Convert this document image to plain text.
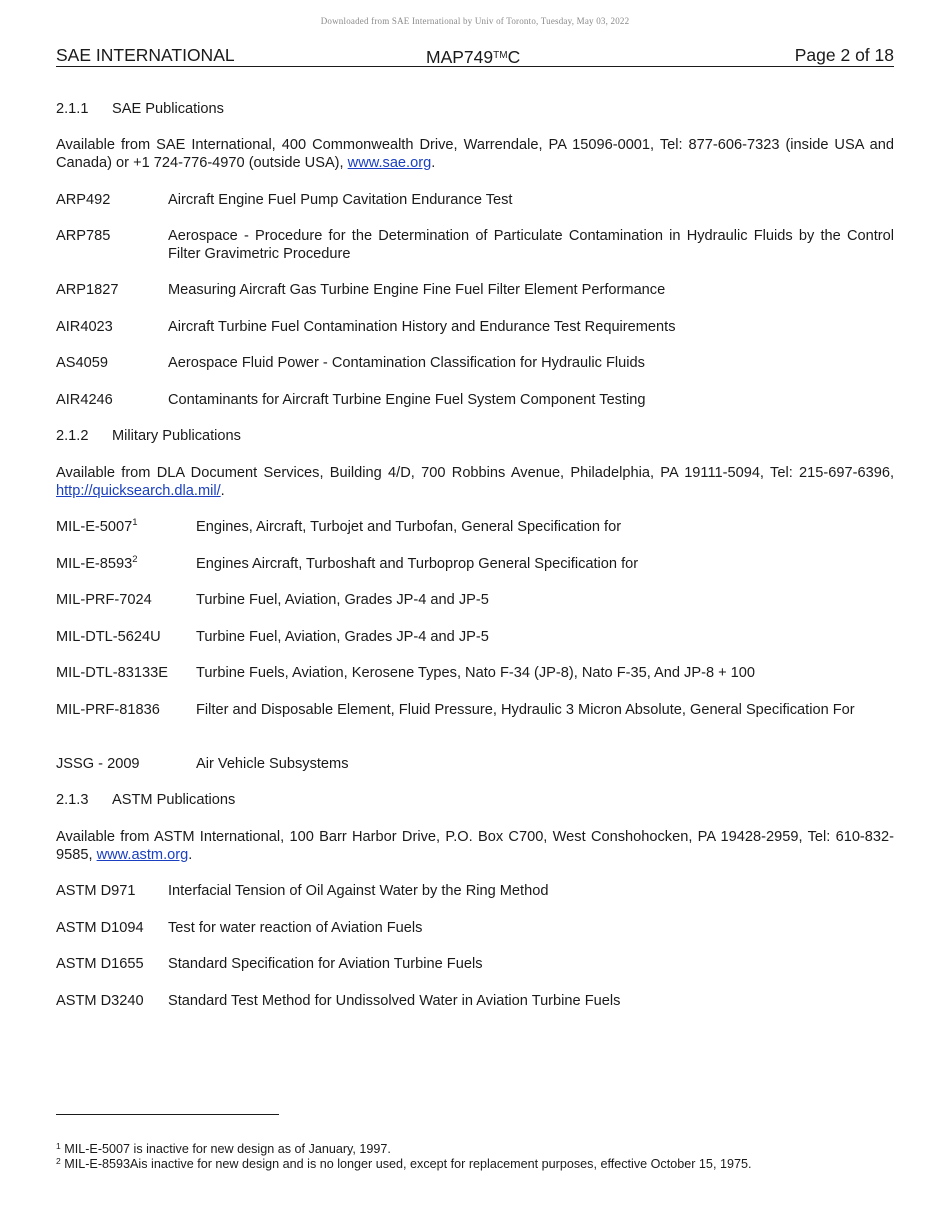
Downloaded from SAE International by Univ of Toronto, Tuesday, May 03, 2022
SAE INTERNATIONAL	MAP749™C	Page 2 of 18
2.1.1 SAE Publications
Available from SAE International, 400 Commonwealth Drive, Warrendale, PA 15096-0001, Tel: 877-606-7323 (inside USA and Canada) or +1 724-776-4970 (outside USA), www.sae.org.
ARP492	Aircraft Engine Fuel Pump Cavitation Endurance Test
ARP785	Aerospace - Procedure for the Determination of Particulate Contamination in Hydraulic Fluids by the Control Filter Gravimetric Procedure
ARP1827	Measuring Aircraft Gas Turbine Engine Fine Fuel Filter Element Performance
AIR4023	Aircraft Turbine Fuel Contamination History and Endurance Test Requirements
AS4059	Aerospace Fluid Power - Contamination Classification for Hydraulic Fluids
AIR4246	Contaminants for Aircraft Turbine Engine Fuel System Component Testing
2.1.2 Military Publications
Available from DLA Document Services, Building 4/D, 700 Robbins Avenue, Philadelphia, PA 19111-5094, Tel: 215-697-6396, http://quicksearch.dla.mil/.
MIL-E-5007$^1$	Engines, Aircraft, Turbojet and Turbofan, General Specification for
MIL-E-8593$^2$	Engines Aircraft, Turboshaft and Turboprop General Specification for
MIL-PRF-7024	Turbine Fuel, Aviation, Grades JP-4 and JP-5
MIL-DTL-5624U Turbine Fuel, Aviation, Grades JP-4 and JP-5
MIL-DTL-83133E Turbine Fuels, Aviation, Kerosene Types, Nato F-34 (JP-8), Nato F-35, And JP-8 + 100
MIL-PRF-81836 Filter and Disposable Element, Fluid Pressure, Hydraulic 3 Micron Absolute, General Specification For
JSSG - 2009	Air Vehicle Subsystems
2.1.3 ASTM Publications
Available from ASTM International, 100 Barr Harbor Drive, P.O. Box C700, West Conshohocken, PA 19428-2959, Tel: 610-832-9585, www.astm.org.
ASTM D971 Interfacial Tension of Oil Against Water by the Ring Method
ASTM D1094 Test for water reaction of Aviation Fuels
ASTM D1655 Standard Specification for Aviation Turbine Fuels
ASTM D3240 Standard Test Method for Undissolved Water in Aviation Turbine Fuels
$^1$ MIL-E-5007 is inactive for new design as of January, 1997.
$^2$ MIL-E-8593Ais inactive for new design and is no longer used, except for replacement purposes, effective October 15, 1975.
